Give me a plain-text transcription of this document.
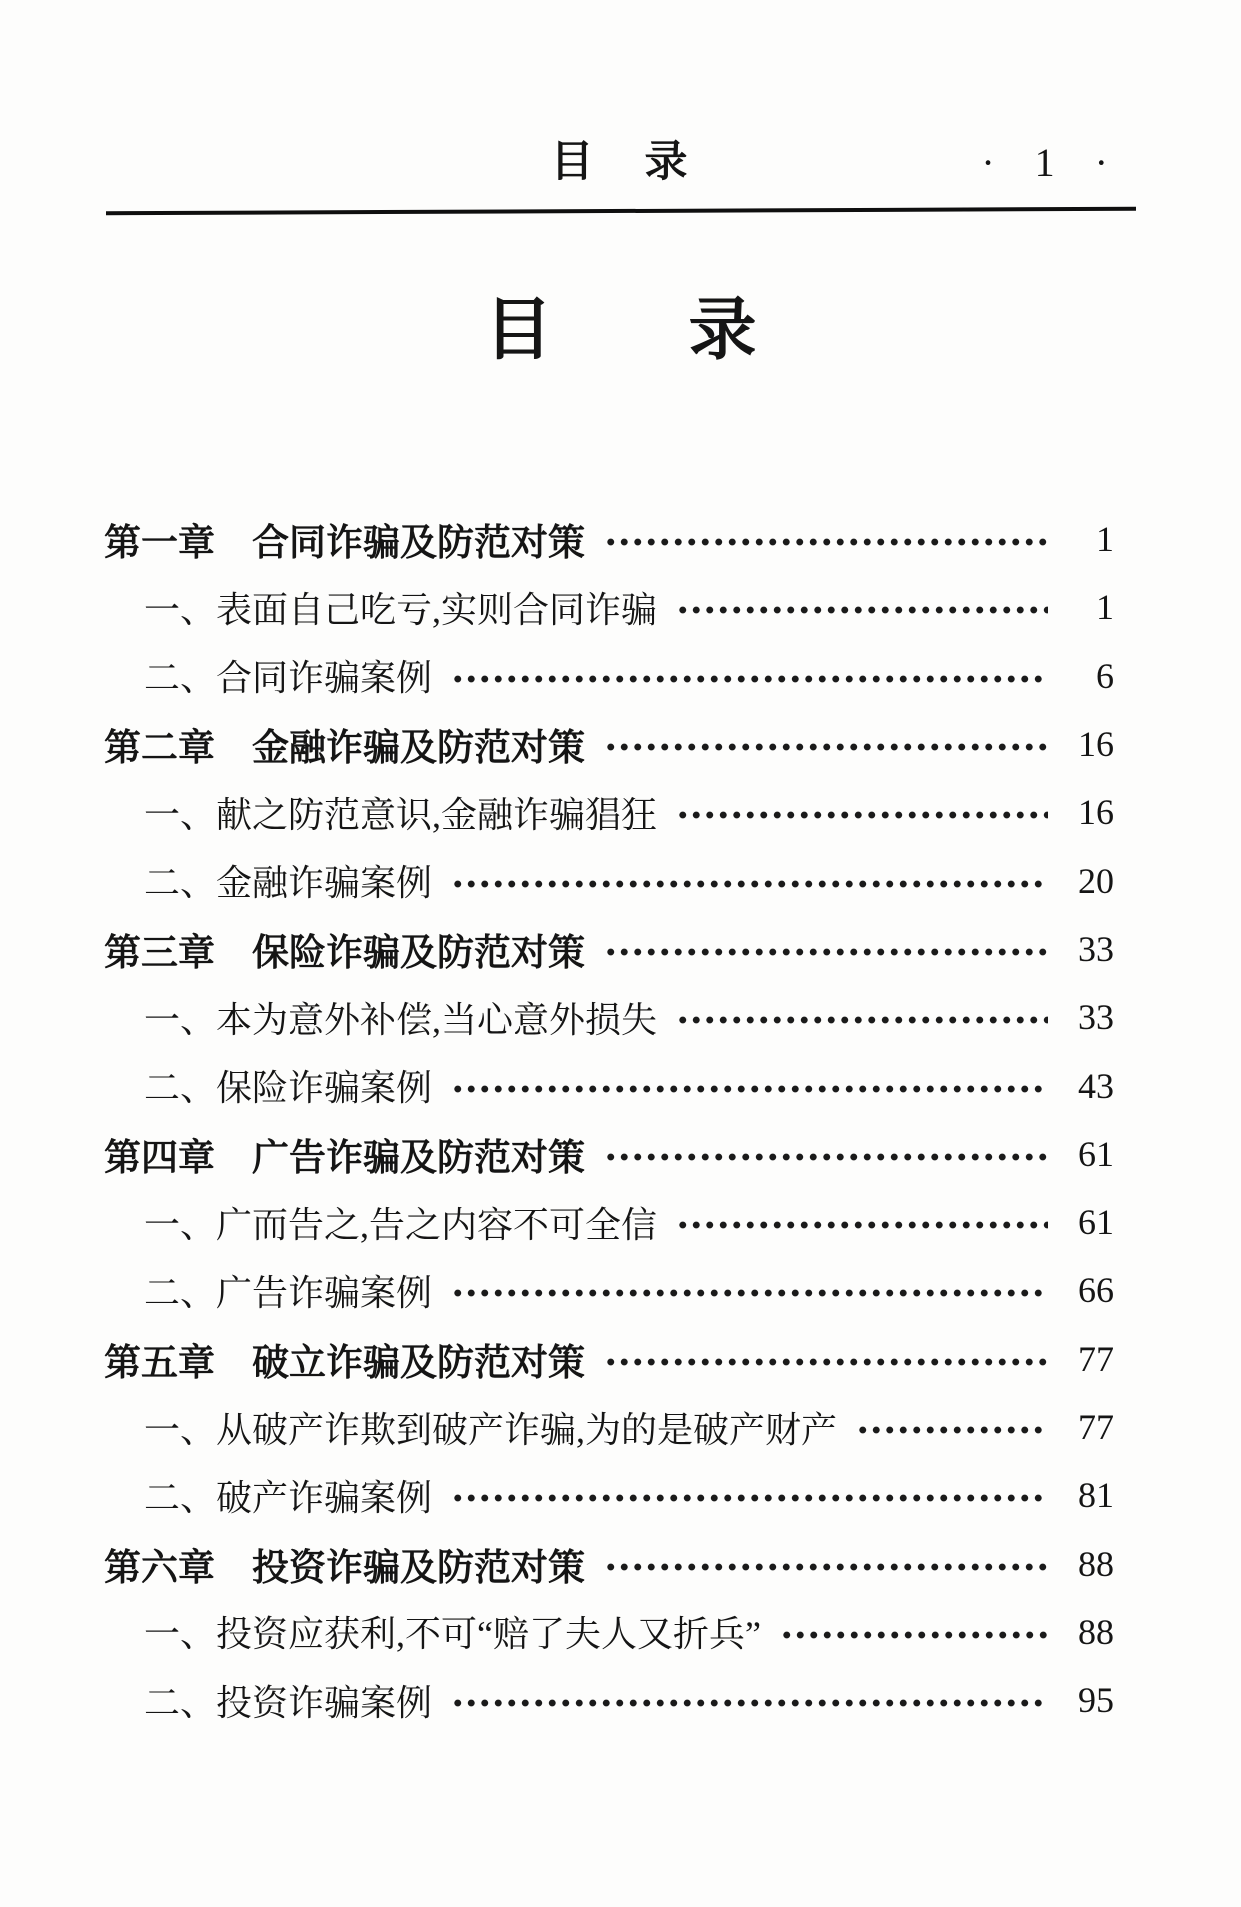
目　录	·　1　·
目　　录
第一章　合同诈骗及防范对策	1
一、表面自己吃亏,实则合同诈骗	1
二、合同诈骗案例	6
第二章　金融诈骗及防范对策	16
一、献之防范意识,金融诈骗猖狂	16
二、金融诈骗案例	20
第三章　保险诈骗及防范对策	33
一、本为意外补偿,当心意外损失	33
二、保险诈骗案例	43
第四章　广告诈骗及防范对策	61
一、广而告之,告之内容不可全信	61
二、广告诈骗案例	66
第五章　破立诈骗及防范对策	77
一、从破产诈欺到破产诈骗,为的是破产财产	77
二、破产诈骗案例	81
第六章　投资诈骗及防范对策	88
一、投资应获利,不可“赔了夫人又折兵”	88
二、投资诈骗案例	95
